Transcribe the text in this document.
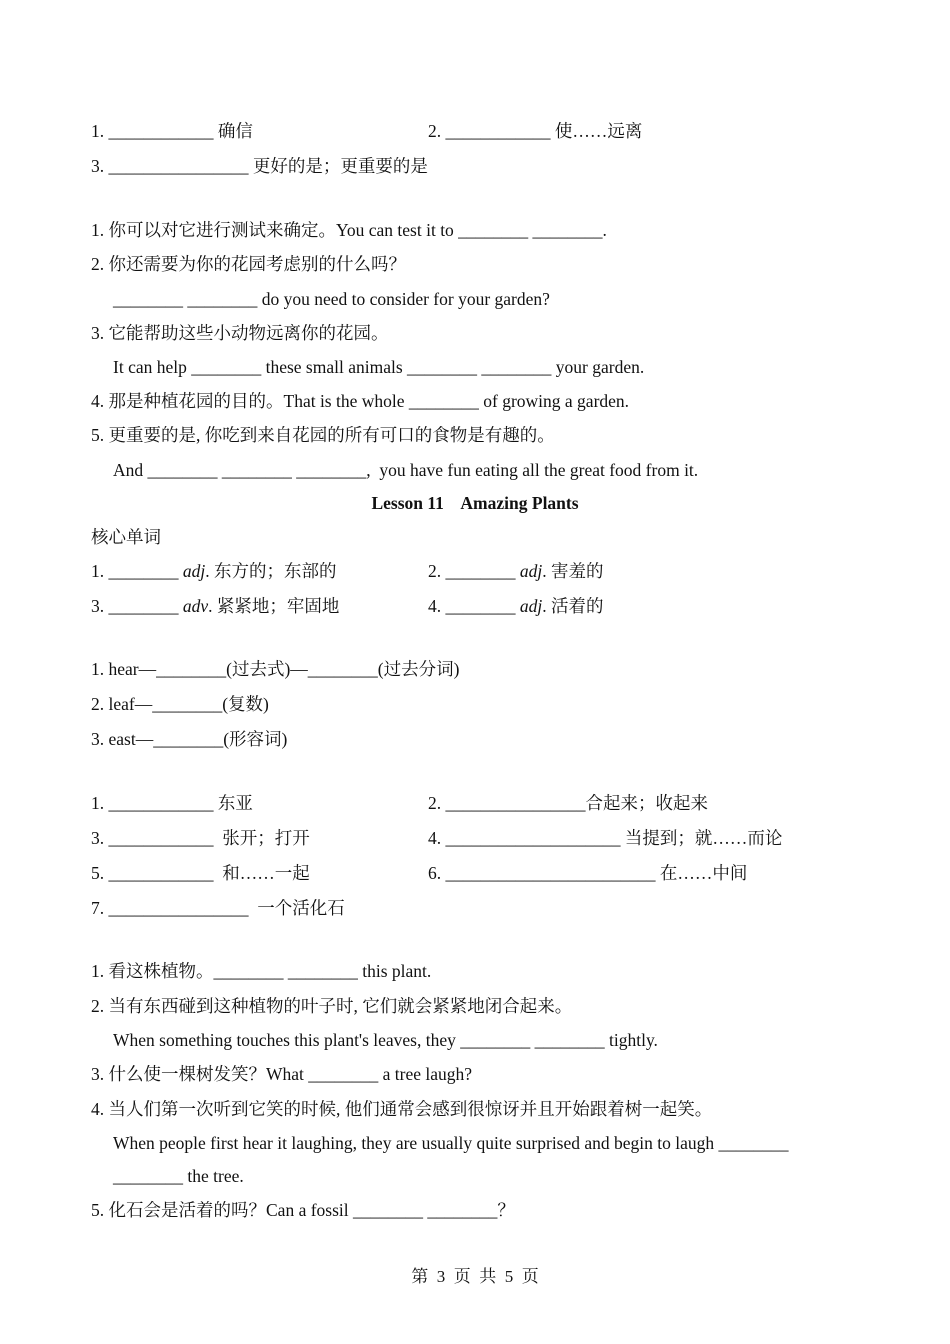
1. ____________ 确信	2. ____________ 使……远离
3. ________________ 更好的是；更重要的是
1. 你可以对它进行测试来确定。You can test it to ________ ________.
2. 你还需要为你的花园考虑别的什么吗？
________ ________ do you need to consider for your garden?
3. 它能帮助这些小动物远离你的花园。
It can help ________ these small animals ________ ________ your garden.
4. 那是种植花园的目的。That is the whole ________ of growing a garden.
5. 更重要的是, 你吃到来自花园的所有可口的食物是有趣的。
And ________ ________ ________,  you have fun eating all the great food from it.
Lesson 11    Amazing Plants
核心单词
1. ________ adj. 东方的；东部的	2. ________ adj. 害羞的
3. ________ adv. 紧紧地；牢固地	4. ________ adj. 活着的
1. hear—________(过去式)—________(过去分词)
2. leaf—________(复数)
3. east—________(形容词)
1. ____________ 东亚	2. ________________合起来；收起来
3. ____________  张开；打开	4. ____________________ 当提到；就……而论
5. ____________  和……一起	6. ________________________ 在……中间
7. ________________  一个活化石
1. 看这株植物。________ ________ this plant.
2. 当有东西碰到这种植物的叶子时, 它们就会紧紧地闭合起来。
When something touches this plant's leaves, they ________ ________ tightly.
3. 什么使一棵树发笑？What ________ a tree laugh?
4. 当人们第一次听到它笑的时候, 他们通常会感到很惊讶并且开始跟着树一起笑。
When people first hear it laughing, they are usually quite surprised and begin to laugh ________
________ the tree.
5. 化石会是活着的吗？Can a fossil ________ ________？
第  3  页  共  5  页
